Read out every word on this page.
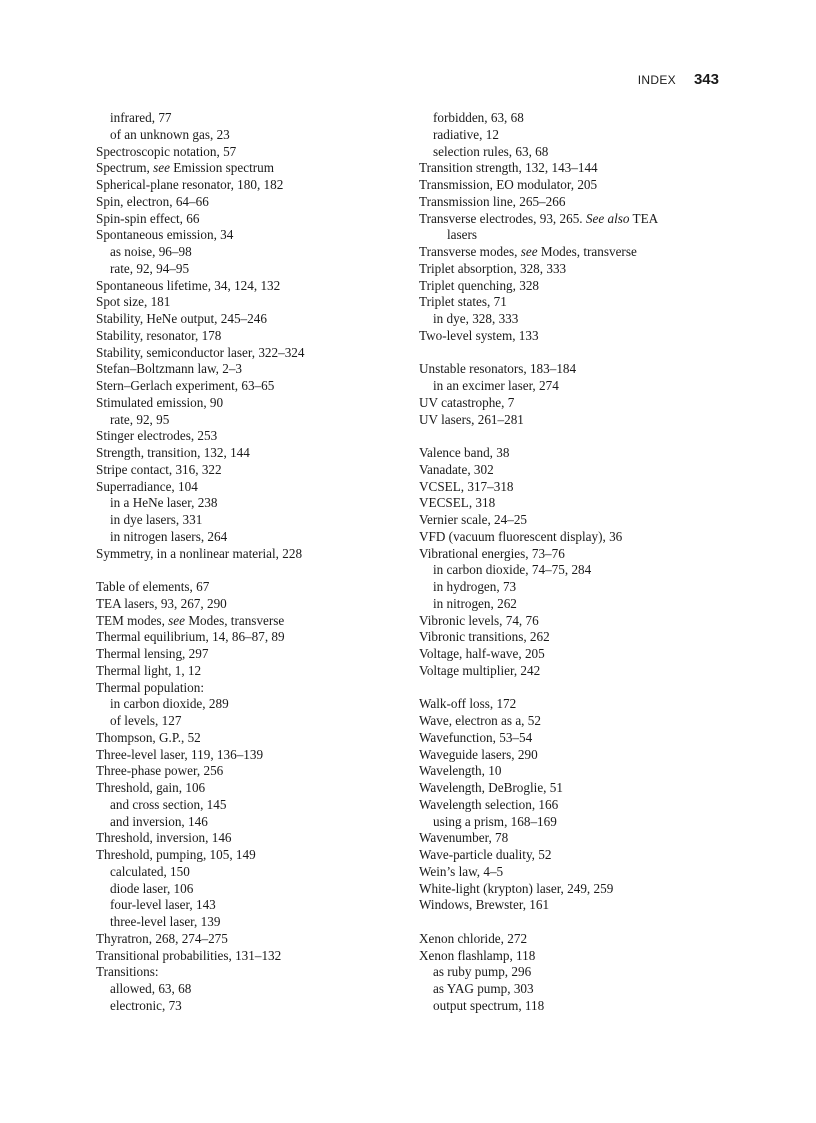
INDEX 343
infrared, 77
of an unknown gas, 23
Spectroscopic notation, 57
Spectrum, see Emission spectrum
Spherical-plane resonator, 180, 182
Spin, electron, 64–66
Spin-spin effect, 66
Spontaneous emission, 34
as noise, 96–98
rate, 92, 94–95
Spontaneous lifetime, 34, 124, 132
Spot size, 181
Stability, HeNe output, 245–246
Stability, resonator, 178
Stability, semiconductor laser, 322–324
Stefan–Boltzmann law, 2–3
Stern–Gerlach experiment, 63–65
Stimulated emission, 90
rate, 92, 95
Stinger electrodes, 253
Strength, transition, 132, 144
Stripe contact, 316, 322
Superradiance, 104
in a HeNe laser, 238
in dye lasers, 331
in nitrogen lasers, 264
Symmetry, in a nonlinear material, 228
Table of elements, 67
TEA lasers, 93, 267, 290
TEM modes, see Modes, transverse
Thermal equilibrium, 14, 86–87, 89
Thermal lensing, 297
Thermal light, 1, 12
Thermal population:
in carbon dioxide, 289
of levels, 127
Thompson, G.P., 52
Three-level laser, 119, 136–139
Three-phase power, 256
Threshold, gain, 106
and cross section, 145
and inversion, 146
Threshold, inversion, 146
Threshold, pumping, 105, 149
calculated, 150
diode laser, 106
four-level laser, 143
three-level laser, 139
Thyratron, 268, 274–275
Transitional probabilities, 131–132
Transitions:
allowed, 63, 68
electronic, 73
forbidden, 63, 68
radiative, 12
selection rules, 63, 68
Transition strength, 132, 143–144
Transmission, EO modulator, 205
Transmission line, 265–266
Transverse electrodes, 93, 265. See also TEA
lasers
Transverse modes, see Modes, transverse
Triplet absorption, 328, 333
Triplet quenching, 328
Triplet states, 71
in dye, 328, 333
Two-level system, 133
Unstable resonators, 183–184
in an excimer laser, 274
UV catastrophe, 7
UV lasers, 261–281
Valence band, 38
Vanadate, 302
VCSEL, 317–318
VECSEL, 318
Vernier scale, 24–25
VFD (vacuum fluorescent display), 36
Vibrational energies, 73–76
in carbon dioxide, 74–75, 284
in hydrogen, 73
in nitrogen, 262
Vibronic levels, 74, 76
Vibronic transitions, 262
Voltage, half-wave, 205
Voltage multiplier, 242
Walk-off loss, 172
Wave, electron as a, 52
Wavefunction, 53–54
Waveguide lasers, 290
Wavelength, 10
Wavelength, DeBroglie, 51
Wavelength selection, 166
using a prism, 168–169
Wavenumber, 78
Wave-particle duality, 52
Wein’s law, 4–5
White-light (krypton) laser, 249, 259
Windows, Brewster, 161
Xenon chloride, 272
Xenon flashlamp, 118
as ruby pump, 296
as YAG pump, 303
output spectrum, 118
